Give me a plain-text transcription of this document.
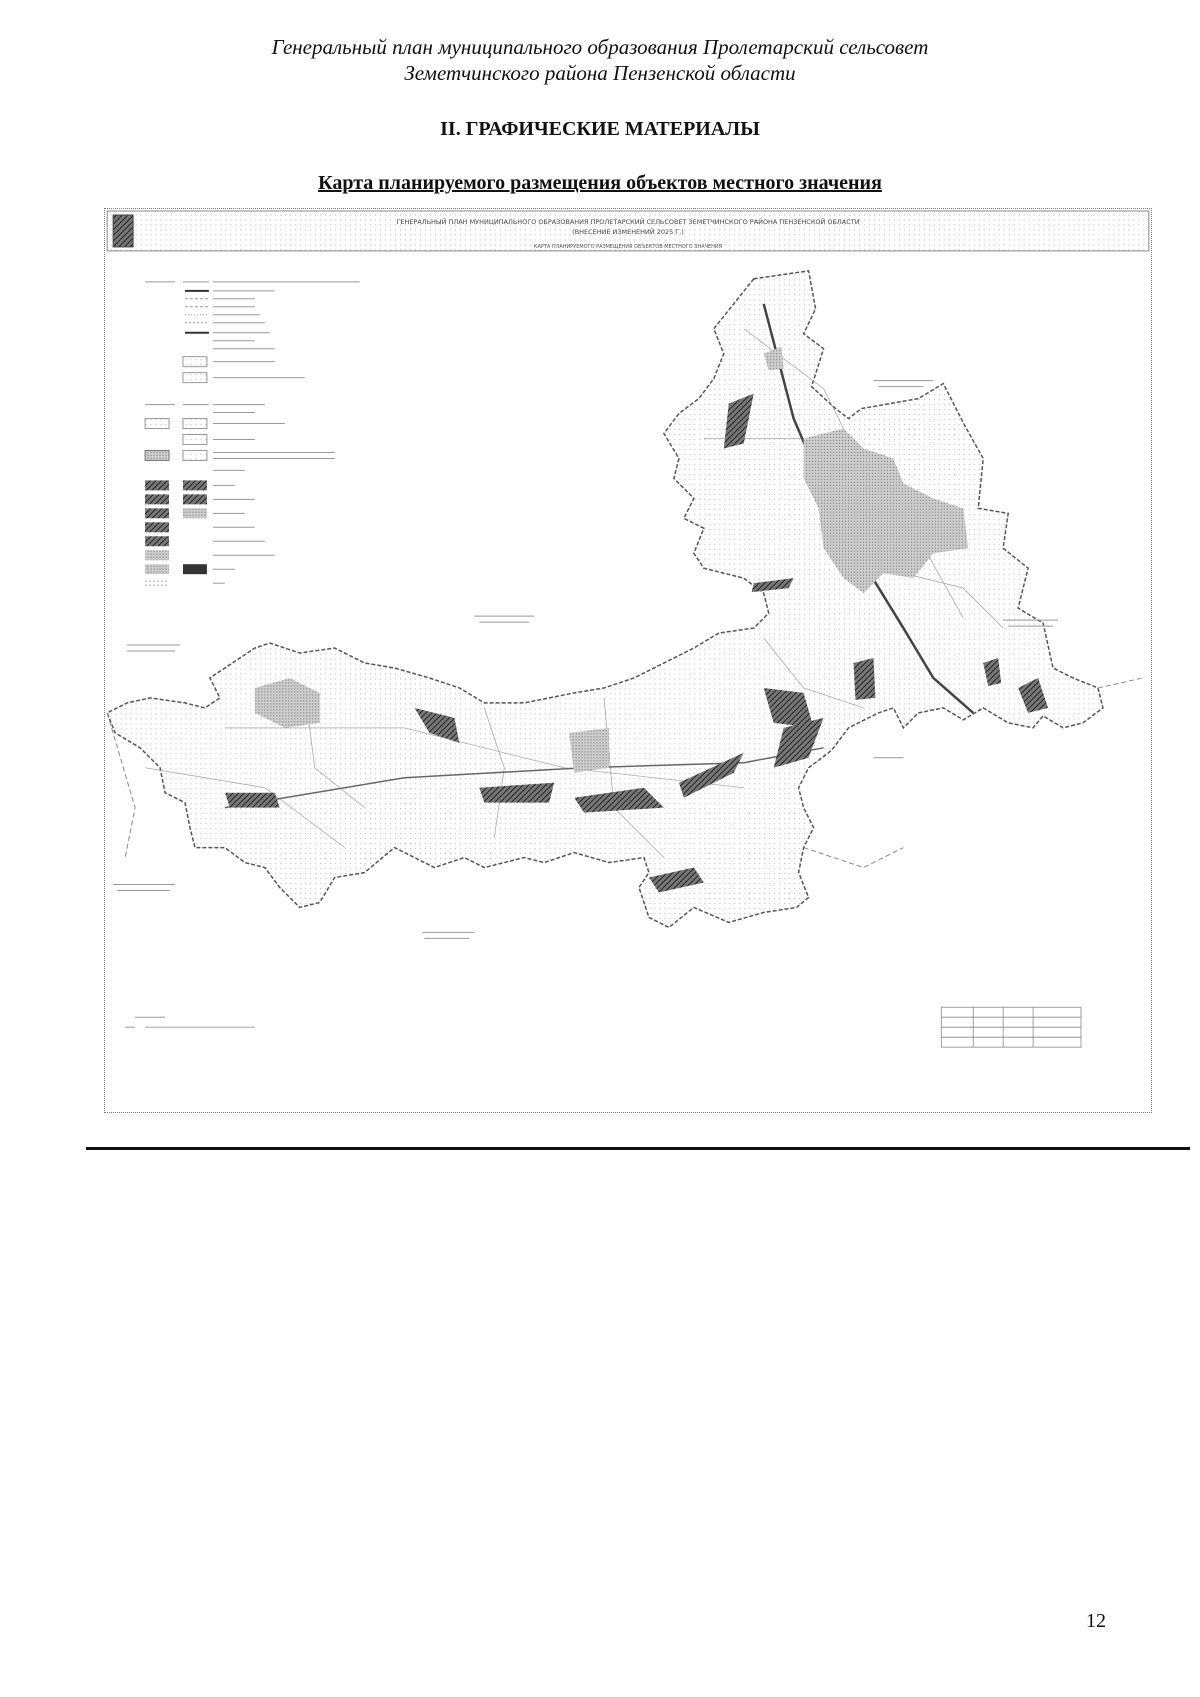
Генеральный план муниципального образования Пролетарский сельсовет
Земетчинского района Пензенской области
II. ГРАФИЧЕСКИЕ МАТЕРИАЛЫ
Карта планируемого размещения объектов местного значения
ГЕНЕРАЛЬНЫЙ ПЛАН МУНИЦИПАЛЬНОГО ОБРАЗОВАНИЯ ПРОЛЕТАРСКИЙ СЕЛЬСОВЕТ ЗЕМЕТЧИНСКОГО РАЙОНА ПЕНЗЕНСКОЙ ОБЛАСТИ
(ВНЕСЕНИЕ ИЗМЕНЕНИЙ 2025 Г.)
КАРТА ПЛАНИРУЕМОГО РАЗМЕЩЕНИЯ ОБЪЕКТОВ МЕСТНОГО ЗНАЧЕНИЯ
12
